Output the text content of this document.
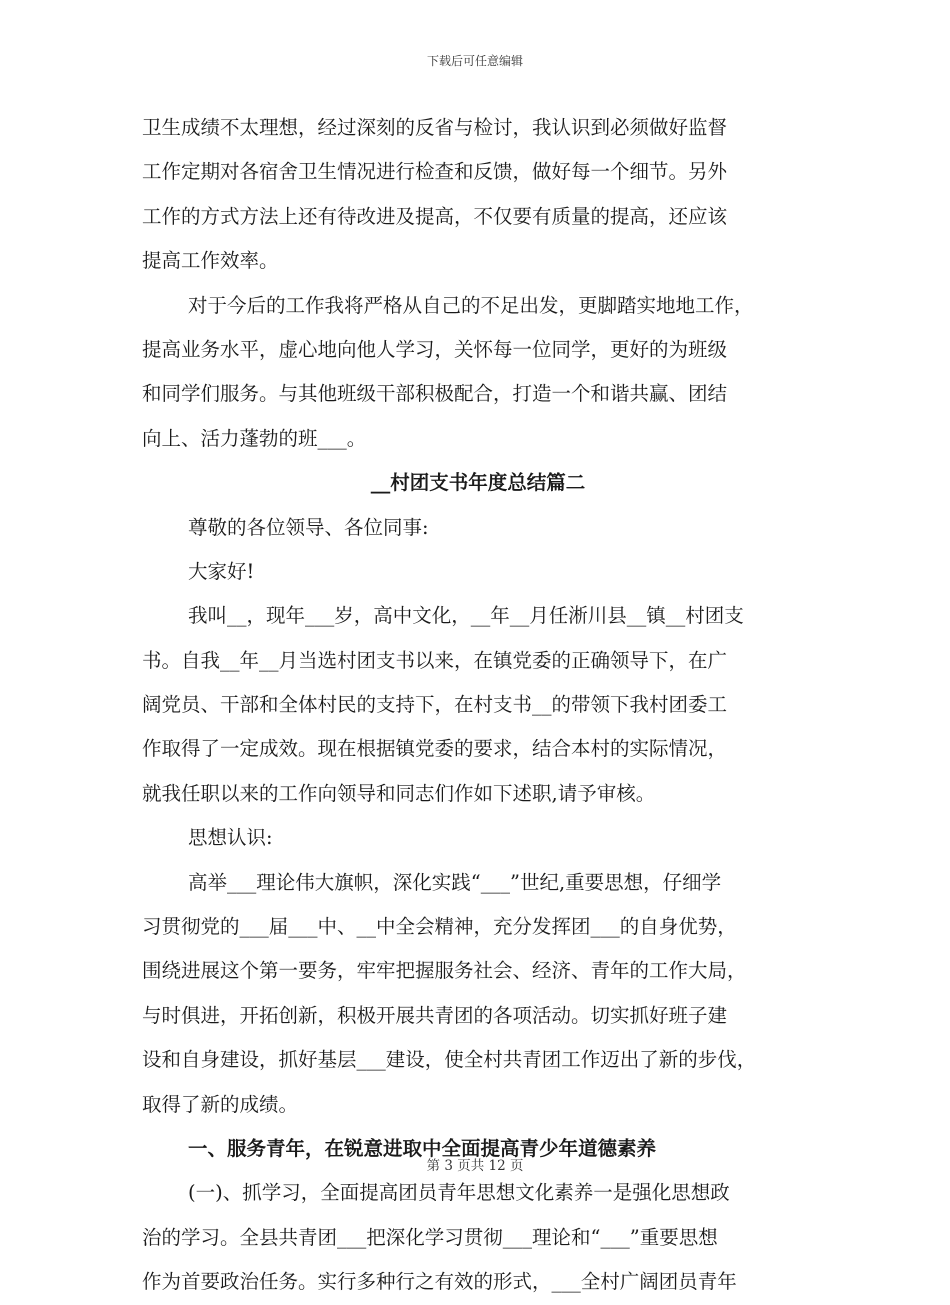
下载后可任意编辑
卫生成绩不太理想，经过深刻的反省与检讨，我认识到必须做好监督
工作定期对各宿舍卫生情况进行检查和反馈，做好每一个细节。另外
工作的方式方法上还有待改进及提高，不仅要有质量的提高，还应该
提高工作效率。
对于今后的工作我将严格从自己的不足出发，更脚踏实地地工作，
提高业务水平，虚心地向他人学习，关怀每一位同学，更好的为班级
和同学们服务。与其他班级干部积极配合，打造一个和谐共赢、团结
向上、活力蓬勃的班___。
__村团支书年度总结篇二
尊敬的各位领导、各位同事:
大家好!
我叫__，现年___岁，高中文化，__年__月任淅川县__镇__村团支
书。自我__年__月当选村团支书以来，在镇党委的正确领导下，在广
阔党员、干部和全体村民的支持下，在村支书__的带领下我村团委工
作取得了一定成效。现在根据镇党委的要求，结合本村的实际情况，
就我任职以来的工作向领导和同志们作如下述职,请予审核。
思想认识:
高举___理论伟大旗帜，深化实践“___”世纪,重要思想，仔细学
习贯彻党的___届___中、__中全会精神，充分发挥团___的自身优势，
围绕进展这个第一要务，牢牢把握服务社会、经济、青年的工作大局，
与时俱进，开拓创新，积极开展共青团的各项活动。切实抓好班子建
设和自身建设，抓好基层___建设，使全村共青团工作迈出了新的步伐，
取得了新的成绩。
一、服务青年，在锐意进取中全面提高青少年道德素养
(一)、抓学习，全面提高团员青年思想文化素养一是强化思想政
治的学习。全县共青团___把深化学习贯彻___理论和“___”重要思想
作为首要政治任务。实行多种行之有效的形式，___全村广阔团员青年
第 3 页共 12 页
